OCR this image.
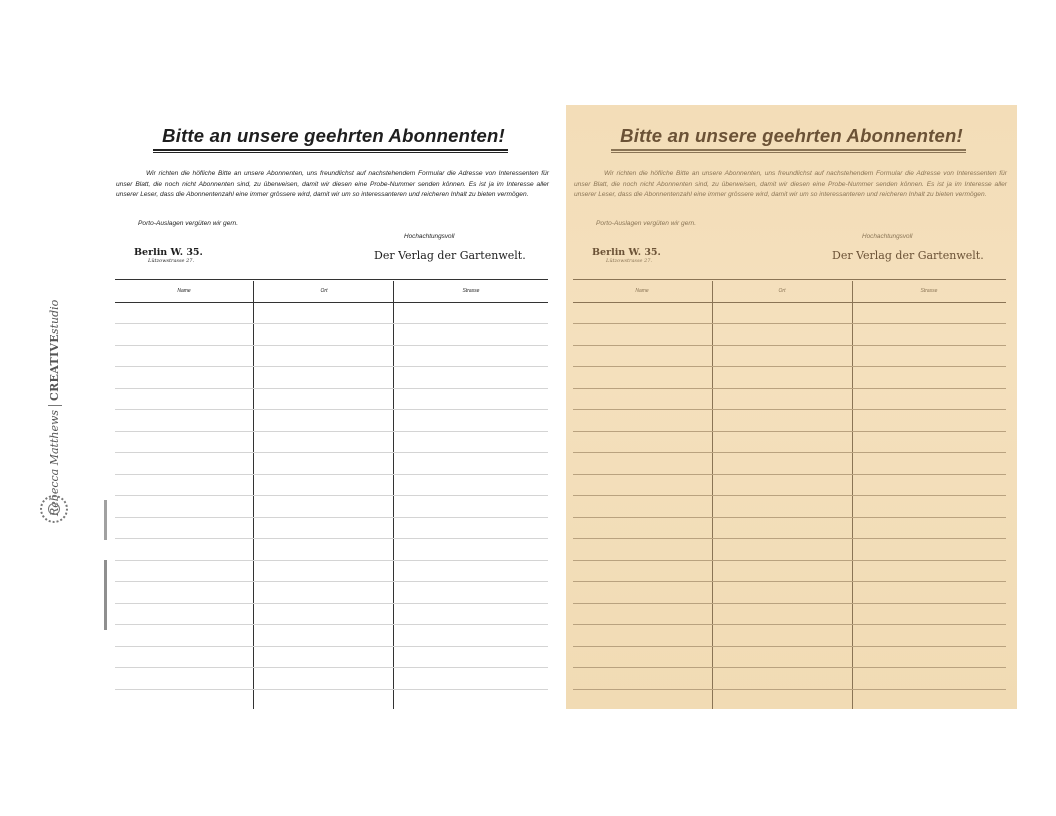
Bitte an unsere geehrten Abonnenten!
Wir richten die höfliche Bitte an unsere Abonnenten, uns freundlichst auf nachstehendem Formular die Adresse von Interessenten für unser Blatt, die noch nicht Abonnenten sind, zu überweisen, damit wir diesen eine Probe-Nummer senden können. Es ist ja im Interesse aller unserer Leser, dass die Abonnentenzahl eine immer grössere wird, damit wir um so interessanteren und reicheren Inhalt zu bieten vermögen.
Porto-Auslagen vergüten wir gern.
Hochachtungsvoll
Berlin W. 35.
Lützowstrasse 27.	Der Verlag der Gartenwelt.
Name	Ort	Strasse
Bitte an unsere geehrten Abonnenten!
Wir richten die höfliche Bitte an unsere Abonnenten, uns freundlichst auf nachstehendem Formular die Adresse von Interessenten für unser Blatt, die noch nicht Abonnenten sind, zu überweisen, damit wir diesen eine Probe-Nummer senden können. Es ist ja im Interesse aller unserer Leser, dass die Abonnentenzahl eine immer grössere wird, damit wir um so interessanteren und reicheren Inhalt zu bieten vermögen.
Porto-Auslagen vergüten wir gern.
Hochachtungsvoll
Berlin W. 35.
Lützowstrasse 27.	Der Verlag der Gartenwelt.
Name	Ort	Strasse
Rebecca MatthewsCREATIVEstudio
